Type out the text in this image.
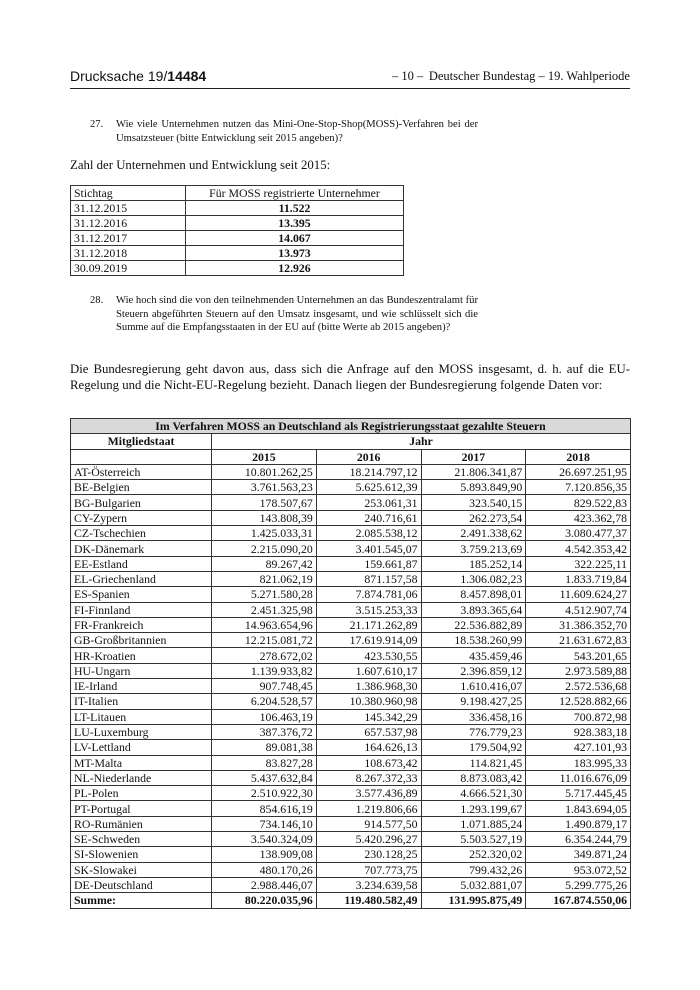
Drucksache 19/14484	– 10 – Deutscher Bundestag – 19. Wahlperiode
27. Wie viele Unternehmen nutzen das Mini-One-Stop-Shop(MOSS)-Verfahren bei der Umsatzsteuer (bitte Entwicklung seit 2015 angeben)?
Zahl der Unternehmen und Entwicklung seit 2015:
Stichtag	Für MOSS registrierte Unternehmer
31.12.2015	11.522
31.12.2016	13.395
31.12.2017	14.067
31.12.2018	13.973
30.09.2019	12.926
28. Wie hoch sind die von den teilnehmenden Unternehmen an das Bundeszentralamt für Steuern abgeführten Steuern auf den Umsatz insgesamt, und wie schlüsselt sich die Summe auf die Empfangsstaaten in der EU auf (bitte Werte ab 2015 angeben)?
Die Bundesregierung geht davon aus, dass sich die Anfrage auf den MOSS insgesamt, d. h. auf die EU-Regelung und die Nicht-EU-Regelung bezieht. Danach liegen der Bundesregierung folgende Daten vor:
Im Verfahren MOSS an Deutschland als Registrierungsstaat gezahlte Steuern				
Mitgliedstaat	Jahr			
	2015	2016	2017	2018
AT-Österreich	10.801.262,25	18.214.797,12	21.806.341,87	26.697.251,95
BE-Belgien	3.761.563,23	5.625.612,39	5.893.849,90	7.120.856,35
BG-Bulgarien	178.507,67	253.061,31	323.540,15	829.522,83
CY-Zypern	143.808,39	240.716,61	262.273,54	423.362,78
CZ-Tschechien	1.425.033,31	2.085.538,12	2.491.338,62	3.080.477,37
DK-Dänemark	2.215.090,20	3.401.545,07	3.759.213,69	4.542.353,42
EE-Estland	89.267,42	159.661,87	185.252,14	322.225,11
EL-Griechenland	821.062,19	871.157,58	1.306.082,23	1.833.719,84
ES-Spanien	5.271.580,28	7.874.781,06	8.457.898,01	11.609.624,27
FI-Finnland	2.451.325,98	3.515.253,33	3.893.365,64	4.512.907,74
FR-Frankreich	14.963.654,96	21.171.262,89	22.536.882,89	31.386.352,70
GB-Großbritannien	12.215.081,72	17.619.914,09	18.538.260,99	21.631.672,83
HR-Kroatien	278.672,02	423.530,55	435.459,46	543.201,65
HU-Ungarn	1.139.933,82	1.607.610,17	2.396.859,12	2.973.589,88
IE-Irland	907.748,45	1.386.968,30	1.610.416,07	2.572.536,68
IT-Italien	6.204.528,57	10.380.960,98	9.198.427,25	12.528.882,66
LT-Litauen	106.463,19	145.342,29	336.458,16	700.872,98
LU-Luxemburg	387.376,72	657.537,98	776.779,23	928.383,18
LV-Lettland	89.081,38	164.626,13	179.504,92	427.101,93
MT-Malta	83.827,28	108.673,42	114.821,45	183.995,33
NL-Niederlande	5.437.632,84	8.267.372,33	8.873.083,42	11.016.676,09
PL-Polen	2.510.922,30	3.577.436,89	4.666.521,30	5.717.445,45
PT-Portugal	854.616,19	1.219.806,66	1.293.199,67	1.843.694,05
RO-Rumänien	734.146,10	914.577,50	1.071.885,24	1.490.879,17
SE-Schweden	3.540.324,09	5.420.296,27	5.503.527,19	6.354.244,79
SI-Slowenien	138.909,08	230.128,25	252.320,02	349.871,24
SK-Slowakei	480.170,26	707.773,75	799.432,26	953.072,52
DE-Deutschland	2.988.446,07	3.234.639,58	5.032.881,07	5.299.775,26
Summe:	80.220.035,96	119.480.582,49	131.995.875,49	167.874.550,06
